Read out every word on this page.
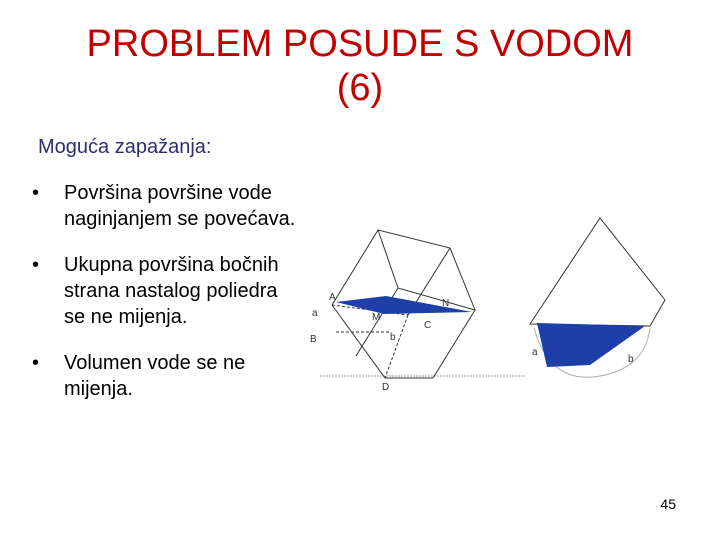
PROBLEM POSUDE S VODOM
(6)
Moguća zapažanja:
• Površina površine vode naginjanjem se povećava.
• Ukupna površina bočnih strana nastalog poliedra se ne mijenja.
• Volumen vode se ne mijenja.
A
a
B
M
N
C
b
D
a
b
45
